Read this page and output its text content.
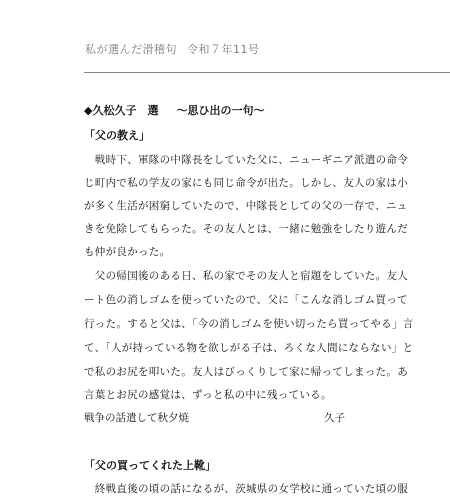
私が選んだ滑稽句 令和７年11号
◆久松久子　選 〜思ひ出の一句〜
「父の教え」
　戦時下、軍隊の中隊長をしていた父に、ニューギニア派遣の命令
じ町内で私の学友の家にも同じ命令が出た。しかし、友人の家は小
が多く生活が困窮していたので、中隊長としての父の一存で、ニュ
きを免除してもらった。その友人とは、一緒に勉強をしたり遊んだ
も仲が良かった。
　父の帰国後のある日、私の家でその友人と宿題をしていた。友人
ート色の消しゴムを使っていたので、父に「こんな消しゴム買って
行った。すると父は、「今の消しゴムを使い切ったら買ってやる」言
て、「人が持っている物を欲しがる子は、ろくな人間にならない」と
で私のお尻を叩いた。友人はびっくりして家に帰ってしまった。あ
言葉とお尻の感覚は、ずっと私の中に残っている。
戦争の話遣して秋夕焼	久子
「父の買ってくれた上靴」
　終戦直後の頃の話になるが、茨城県の女学校に通っていた頃の服
